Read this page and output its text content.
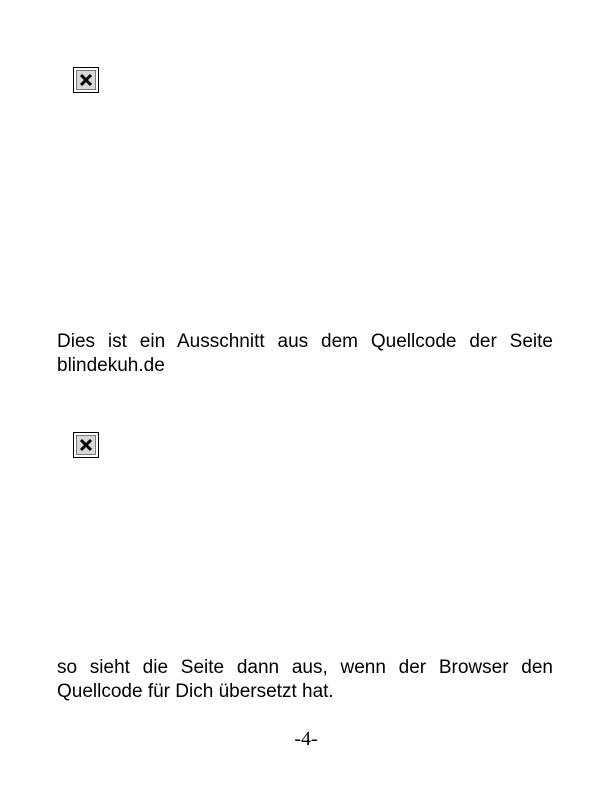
Dies ist ein Ausschnitt aus dem Quellcode der Seite blindekuh.de

so sieht die Seite dann aus, wenn der Browser den Quellcode für Dich übersetzt hat.

-4-
